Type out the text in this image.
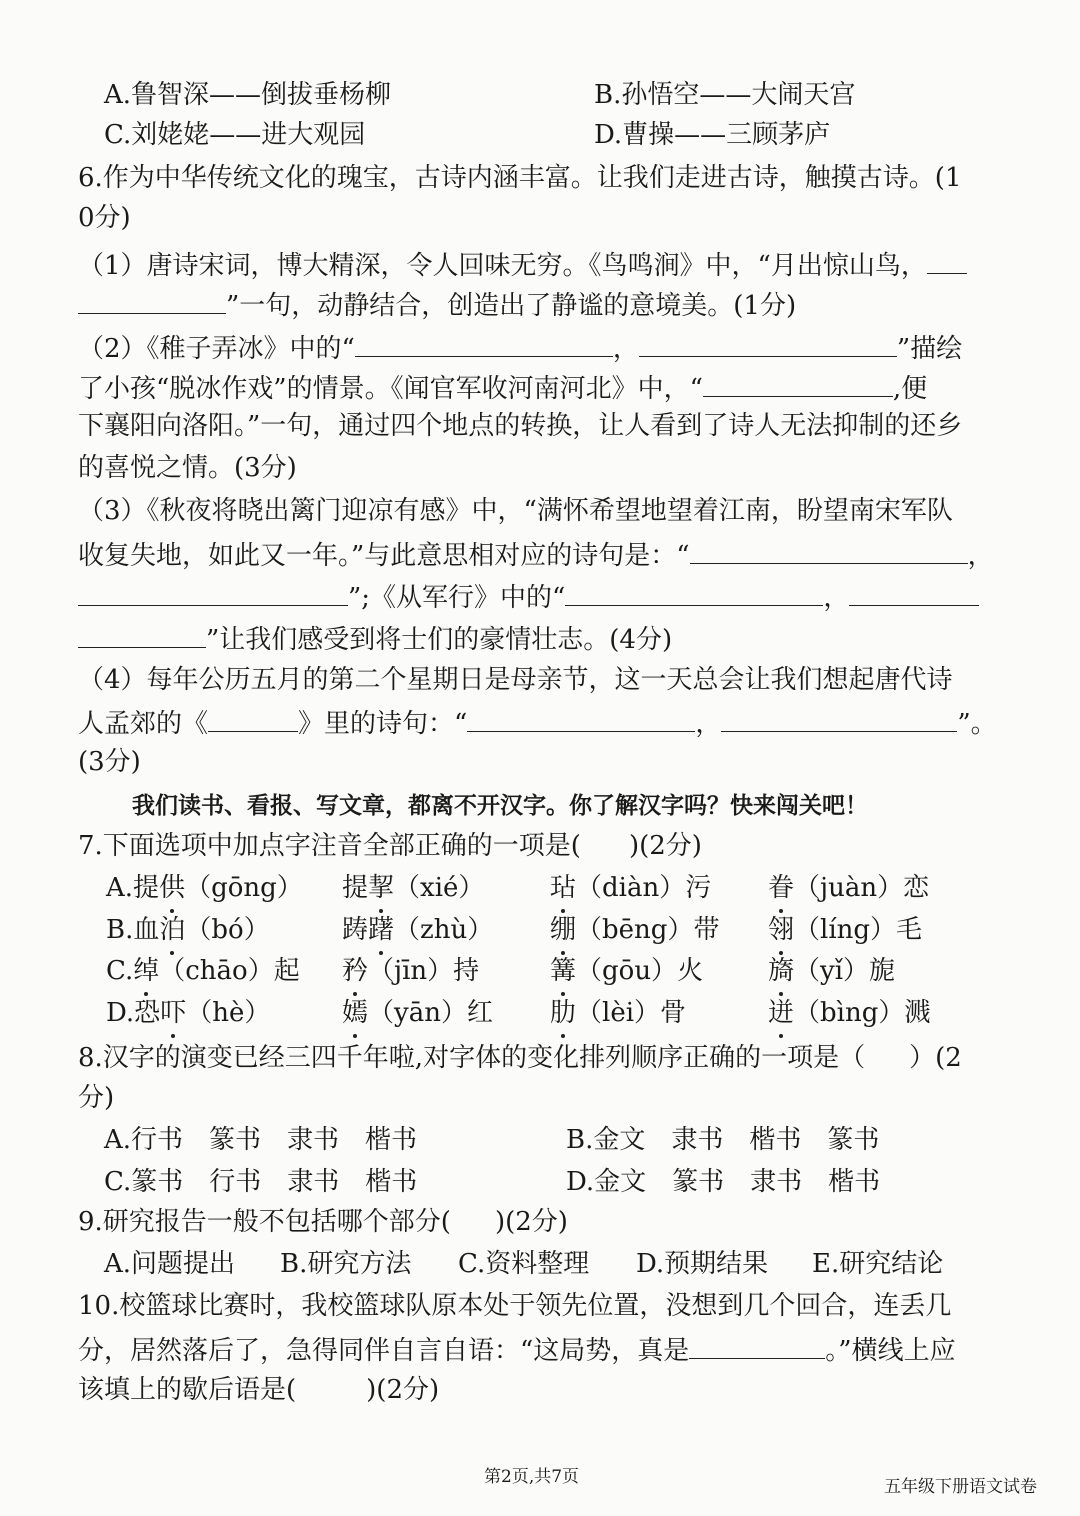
A.鲁智深——倒拔垂杨柳	B.孙悟空——大闹天宫
C.刘姥姥——进大观园	D.曹操——三顾茅庐
6.作为中华传统文化的瑰宝，古诗内涵丰富。让我们走进古诗，触摸古诗。(1
0分)
（1）唐诗宋词，博大精深，令人回味无穷。《鸟鸣涧》中，“月出惊山鸟，
”一句，动静结合，创造出了静谧的意境美。(1分)
（2）《稚子弄冰》中的“	，	”描绘
了小孩“脱冰作戏”的情景。《闻官军收河南河北》中，“	,便
下襄阳向洛阳。”一句，通过四个地点的转换，让人看到了诗人无法抑制的还乡
的喜悦之情。(3分)
（3）《秋夜将晓出篱门迎凉有感》中，“满怀希望地望着江南，盼望南宋军队
收复失地，如此又一年。”与此意思相对应的诗句是：“	，
”;《从军行》中的“	，
”让我们感受到将士们的豪情壮志。(4分)
（4）每年公历五月的第二个星期日是母亲节，这一天总会让我们想起唐代诗
人孟郊的《	》里的诗句：“	，	”。
(3分)
我们读书、看报、写文章，都离不开汉字。你了解汉字吗？快来闯关吧！
7.下面选项中加点字注音全部正确的一项是( )(2分)
A.提供（gōng） 提挈（xié）	玷（diàn）污 眷（juàn）恋
B.血泊（bó）	踌躇（zhù） 绷（bēng）带 翎（líng）毛
C.绰（chāo）起 矜（jīn）持	篝（gōu）火 旖（yǐ）旎
D.恐吓（hè）	嫣（yān）红 肋（lèi）骨	迸（bìng）溅
8.汉字的演变已经三四千年啦,对字体的变化排列顺序正确的一项是（ ）(2
分)
A.行书　篆书　隶书　楷书	B.金文　隶书　楷书　篆书
C.篆书　行书　隶书　楷书	D.金文　篆书　隶书　楷书
9.研究报告一般不包括哪个部分( )(2分)
A.问题提出 B.研究方法 C.资料整理 D.预期结果 E.研究结论
10.校篮球比赛时，我校篮球队原本处于领先位置，没想到几个回合，连丢几
分，居然落后了，急得同伴自言自语：“这局势，真是	。”横线上应
该填上的歇后语是(	)(2分)
第2页,共7页	五年级下册语文试卷
